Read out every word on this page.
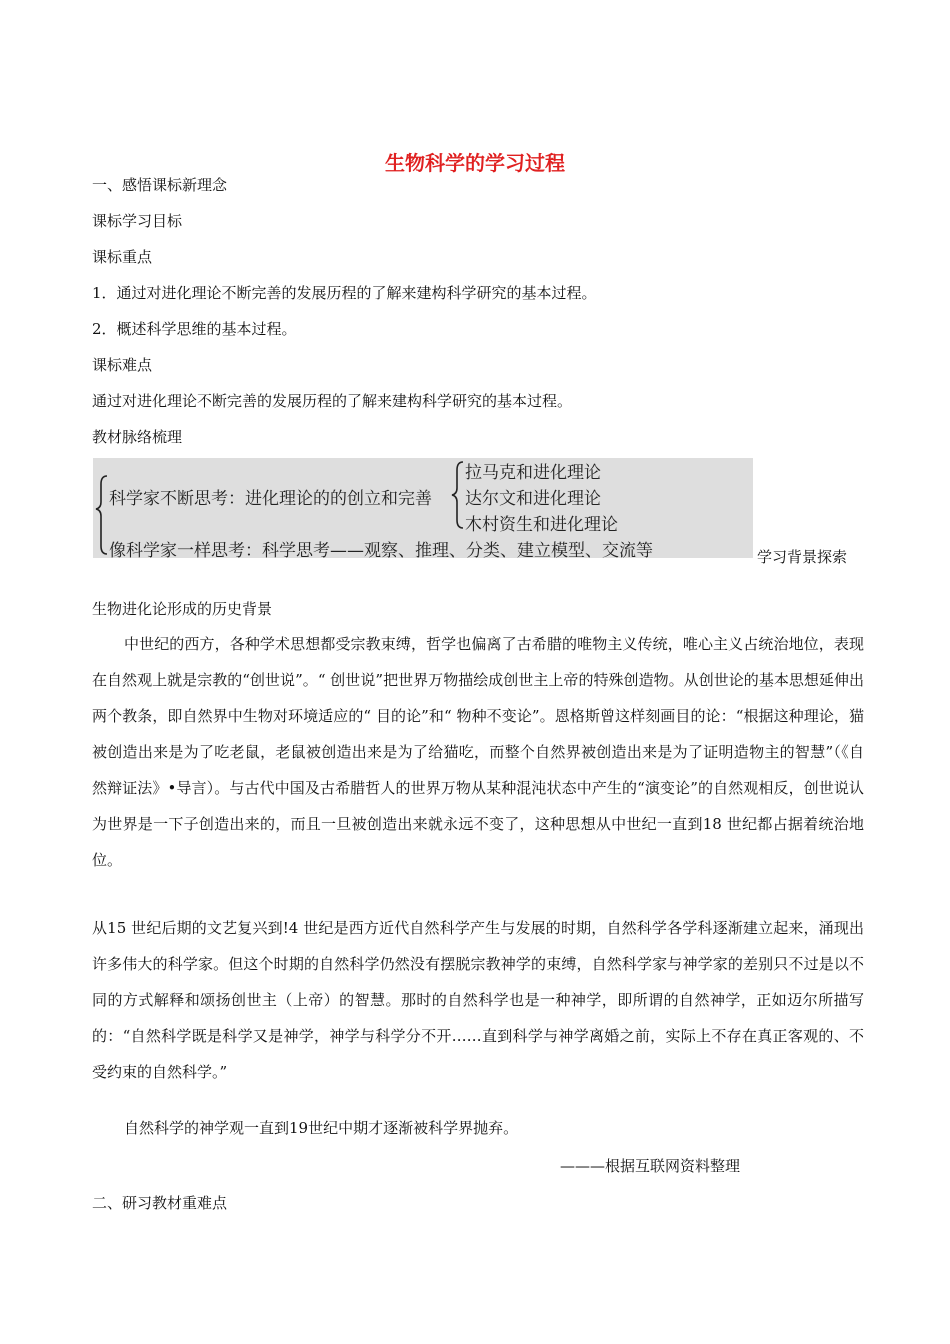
生物科学的学习过程
一、感悟课标新理念
课标学习目标
课标重点
1．通过对进化理论不断完善的发展历程的了解来建构科学研究的基本过程。
2．概述科学思维的基本过程。
课标难点
通过对进化理论不断完善的发展历程的了解来建构科学研究的基本过程。
教材脉络梳理
科学家不断思考：进化理论的的创立和完善
拉马克和进化理论
达尔文和进化理论
木村资生和进化理论
像科学家一样思考：科学思考——观察、推理、分类、建立模型、交流等	学习背景探索
生物进化论形成的历史背景
中世纪的西方，各种学术思想都受宗教束缚，哲学也偏离了古希腊的唯物主义传统，唯心主义占统治地位，表现在自然观上就是宗教的“创世说”。“ 创世说”把世界万物描绘成创世主上帝的特殊创造物。从创世论的基本思想延伸出两个教条，即自然界中生物对环境适应的“ 目的论”和“ 物种不变论”。恩格斯曾这样刻画目的论：“根据这种理论，猫被创造出来是为了吃老鼠，老鼠被创造出来是为了给猫吃，而整个自然界被创造出来是为了证明造物主的智慧”（《自然辩证法》•导言）。与古代中国及古希腊哲人的世界万物从某种混沌状态中产生的“演变论”的自然观相反，创世说认为世界是一下子创造出来的，而且一旦被创造出来就永远不变了，这种思想从中世纪一直到18 世纪都占据着统治地位。
从15 世纪后期的文艺复兴到!4 世纪是西方近代自然科学产生与发展的时期，自然科学各学科逐渐建立起来，涌现出许多伟大的科学家。但这个时期的自然科学仍然没有摆脱宗教神学的束缚，自然科学家与神学家的差别只不过是以不同的方式解释和颂扬创世主（上帝）的智慧。那时的自然科学也是一种神学，即所谓的自然神学，正如迈尔所描写的：“自然科学既是科学又是神学，神学与科学分不开……直到科学与神学离婚之前，实际上不存在真正客观的、不受约束的自然科学。”
自然科学的神学观一直到19世纪中期才逐渐被科学界抛弃。
———根据互联网资料整理
二、研习教材重难点
